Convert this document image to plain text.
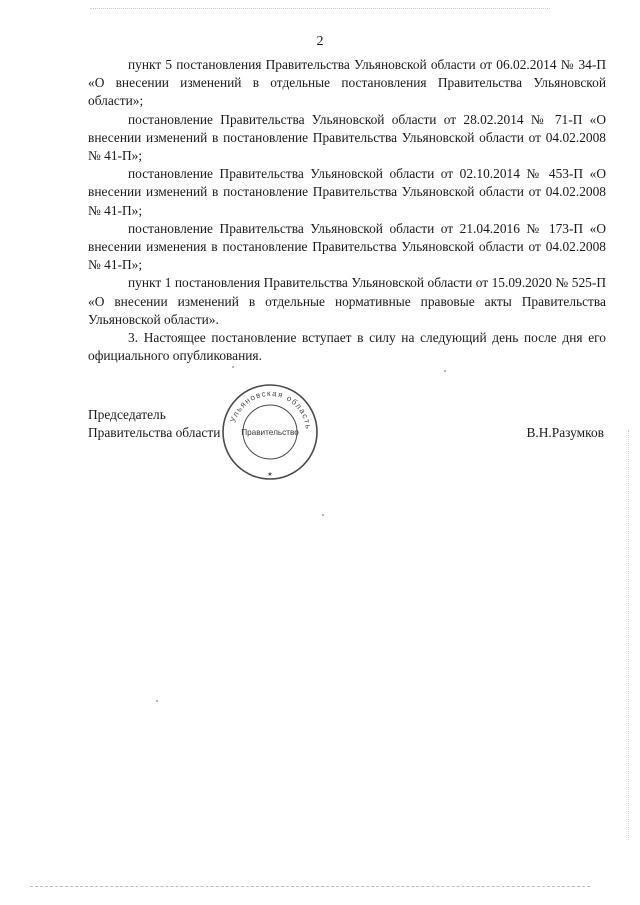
2

пункт 5 постановления Правительства Ульяновской области от 06.02.2014 № 34-П «О внесении изменений в отдельные постановления Правительства Ульяновской области»;

постановление Правительства Ульяновской области от 28.02.2014 № 71-П «О внесении изменений в постановление Правительства Ульяновской области от 04.02.2008 № 41-П»;

постановление Правительства Ульяновской области от 02.10.2014 № 453-П «О внесении изменений в постановление Правительства Ульяновской области от 04.02.2008 № 41-П»;

постановление Правительства Ульяновской области от 21.04.2016 № 173-П «О внесении изменения в постановление Правительства Ульяновской области от 04.02.2008 № 41-П»;

пункт 1 постановления Правительства Ульяновской области от 15.09.2020 № 525-П «О внесении изменений в отдельные нормативные правовые акты Правительства Ульяновской области».

3. Настоящее постановление вступает в силу на следующий день после дня его официального опубликования.

Председатель
Правительства области	В.Н.Разумков
Ульяновская область
Правительство
★
